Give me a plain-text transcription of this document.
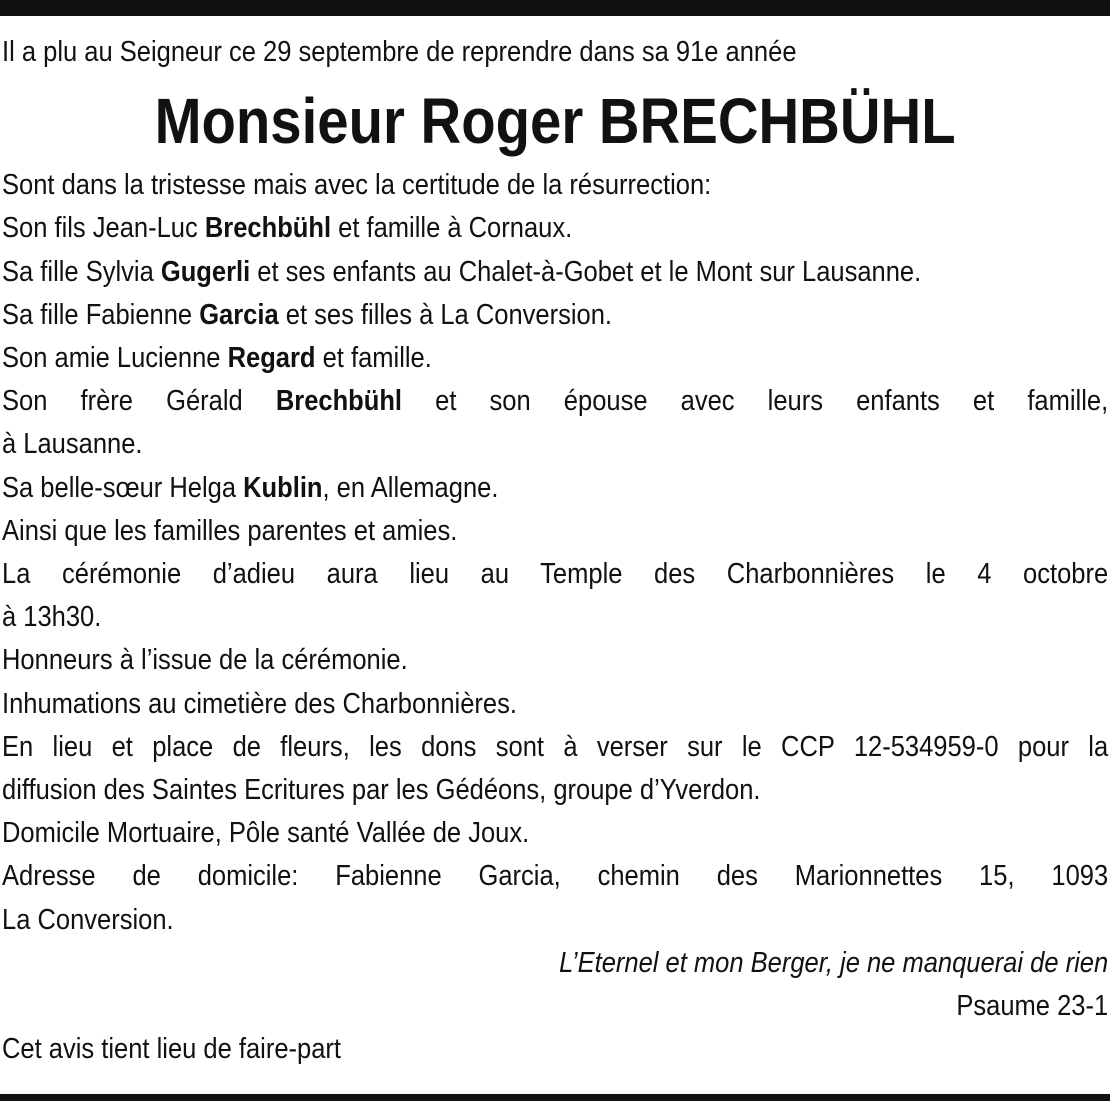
Il a plu au Seigneur ce 29 septembre de reprendre dans sa 91e année
Monsieur Roger BRECHBÜHL
Sont dans la tristesse mais avec la certitude de la résurrection:
Son fils Jean-Luc Brechbühl et famille à Cornaux.
Sa fille Sylvia Gugerli et ses enfants au Chalet-à-Gobet et le Mont sur Lausanne.
Sa fille Fabienne Garcia et ses filles à La Conversion.
Son amie Lucienne Regard et famille.
Son frère Gérald Brechbühl et son épouse avec leurs enfants et famille,
à Lausanne.
Sa belle-sœur Helga Kublin, en Allemagne.
Ainsi que les familles parentes et amies.
La cérémonie d’adieu aura lieu au Temple des Charbonnières le 4 octobre
à 13h30.
Honneurs à l’issue de la cérémonie.
Inhumations au cimetière des Charbonnières.
En lieu et place de fleurs, les dons sont à verser sur le CCP 12-534959-0 pour la
diffusion des Saintes Ecritures par les Gédéons, groupe d’Yverdon.
Domicile Mortuaire, Pôle santé Vallée de Joux.
Adresse de domicile: Fabienne Garcia, chemin des Marionnettes 15, 1093
La Conversion.
L’Eternel et mon Berger, je ne manquerai de rien
Psaume 23-1
Cet avis tient lieu de faire-part
